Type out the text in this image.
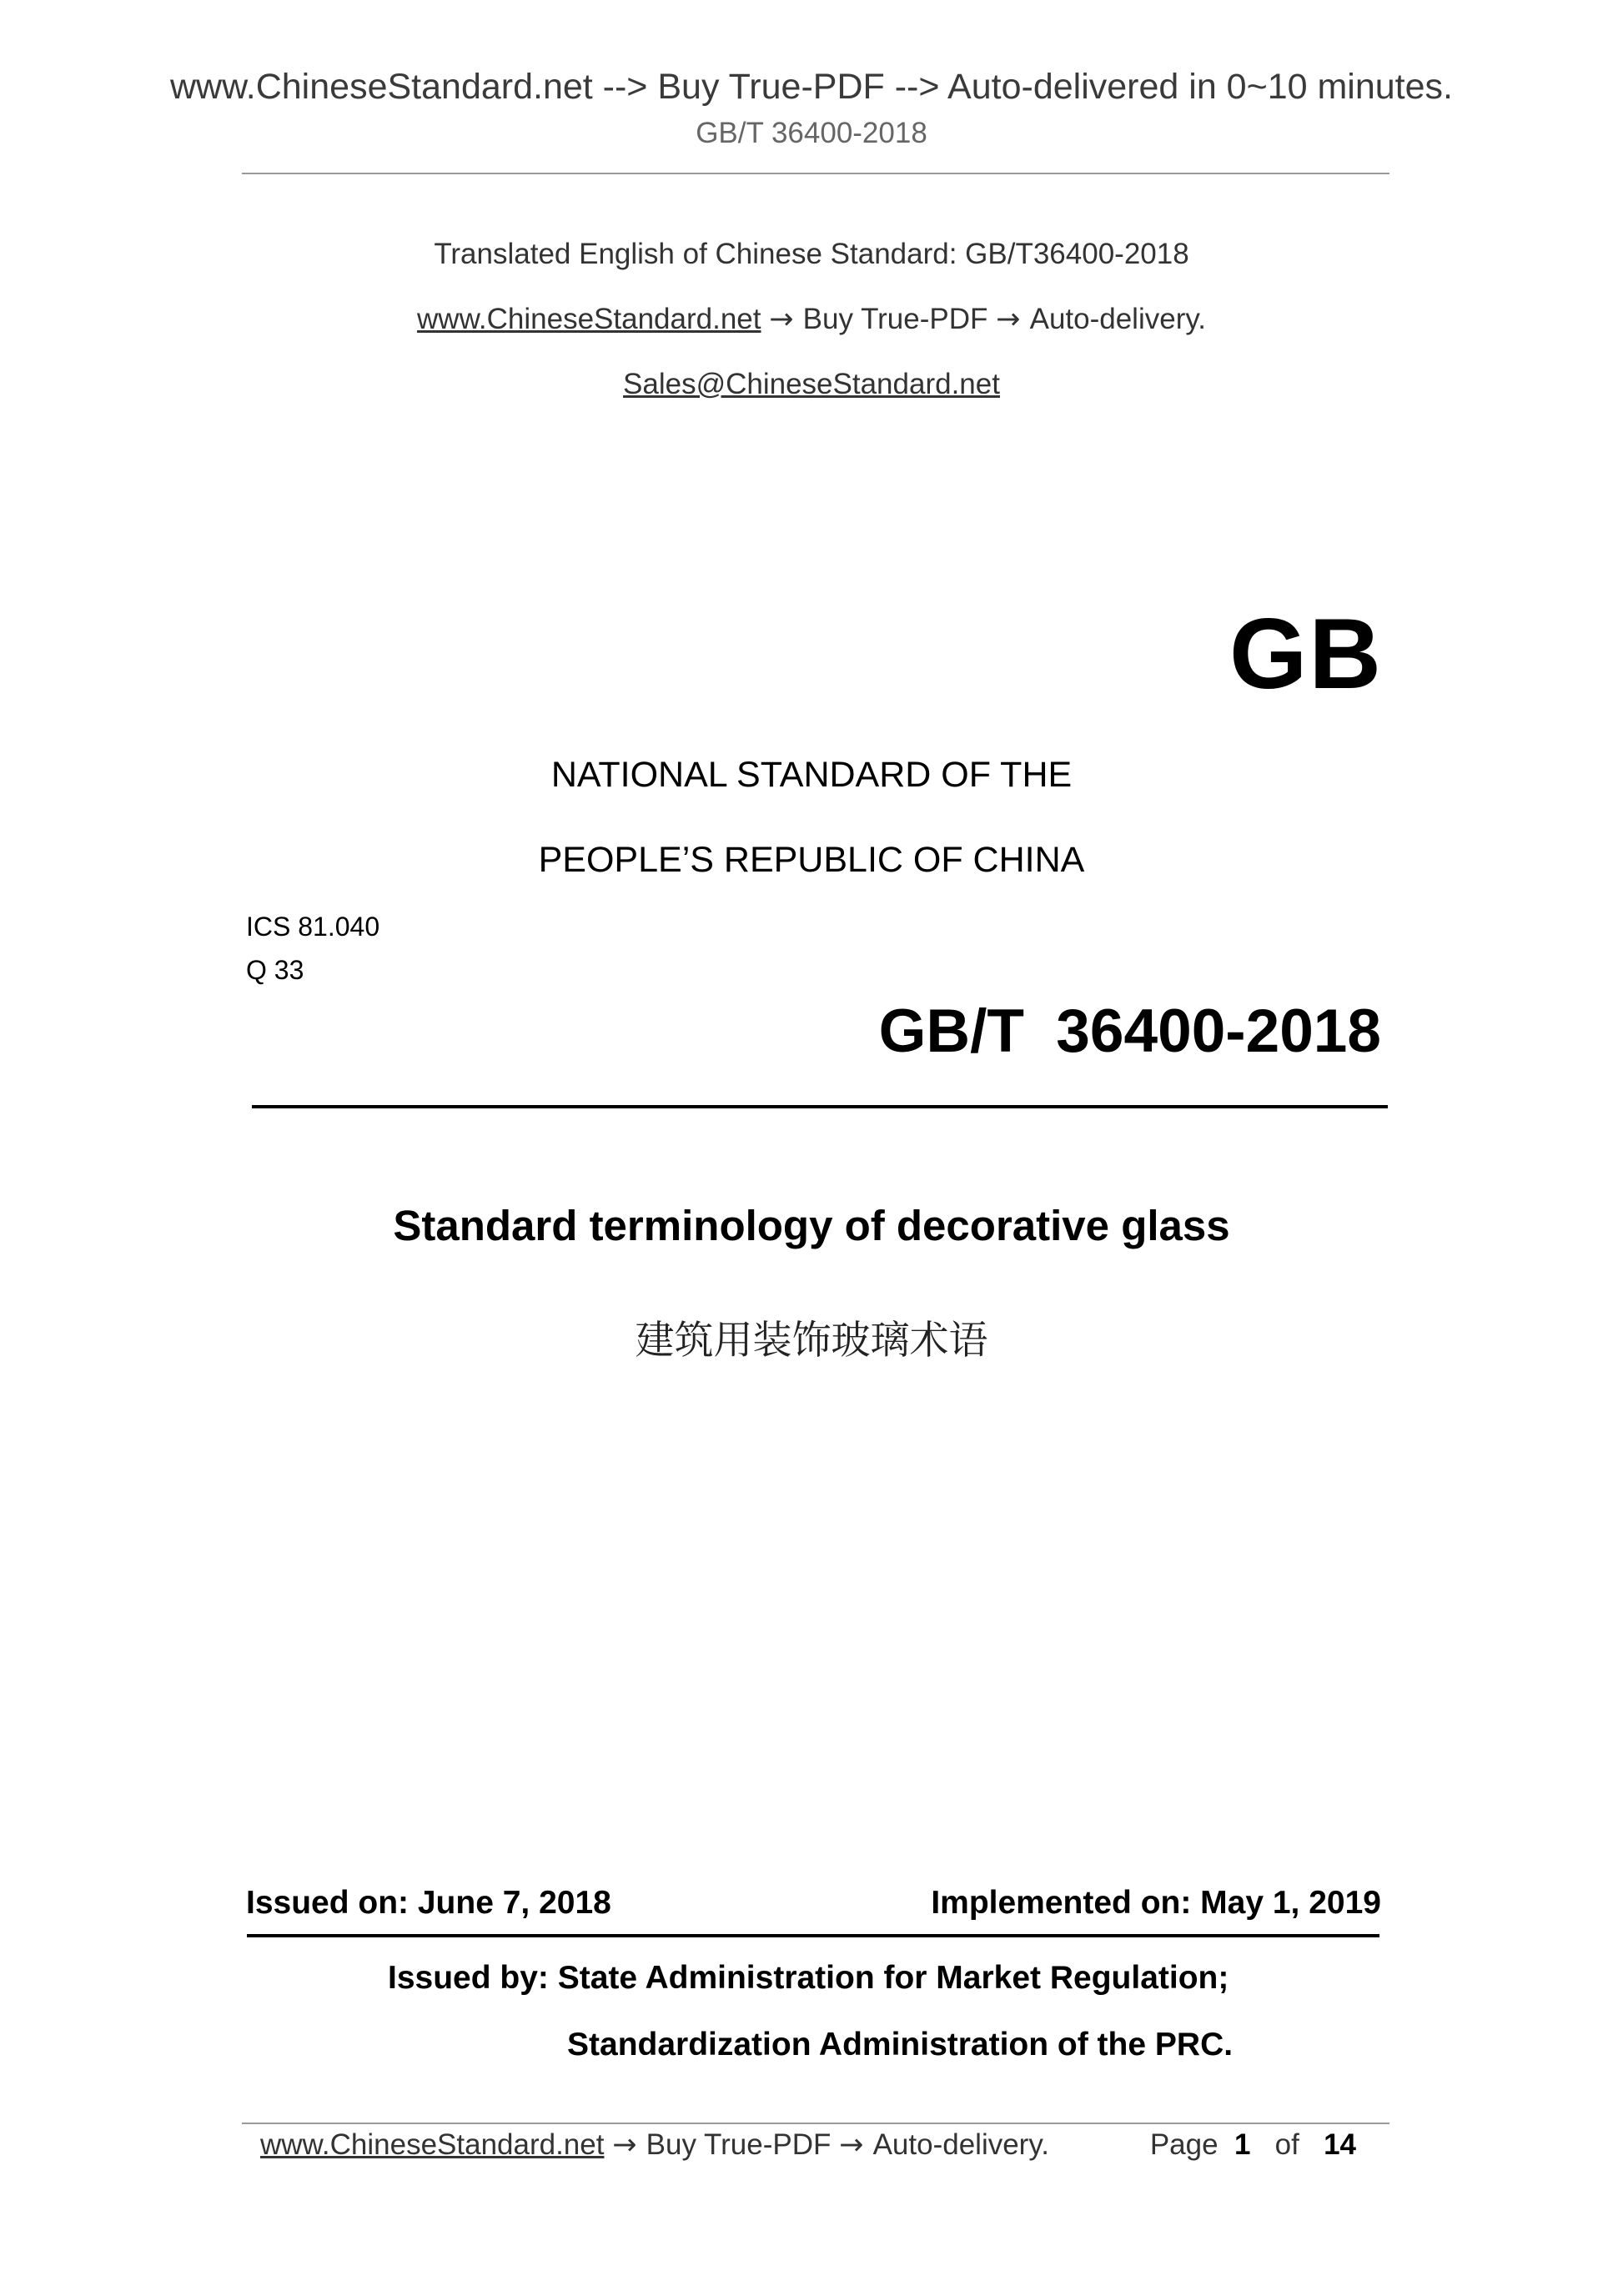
www.ChineseStandard.net --> Buy True-PDF --> Auto-delivered in 0~10 minutes.
GB/T 36400-2018
Translated English of Chinese Standard: GB/T36400-2018
www.ChineseStandard.net → Buy True-PDF → Auto-delivery.
Sales@ChineseStandard.net
GB
NATIONAL STANDARD OF THE
PEOPLE’S REPUBLIC OF CHINA
ICS 81.040
Q 33
GB/T 36400-2018
Standard terminology of decorative glass
建筑用装饰玻璃术语
Issued on: June 7, 2018	Implemented on: May 1, 2019
Issued by: State Administration for Market Regulation;
Standardization Administration of the PRC.
www.ChineseStandard.net → Buy True-PDF → Auto-delivery.	Page 1 of 14
